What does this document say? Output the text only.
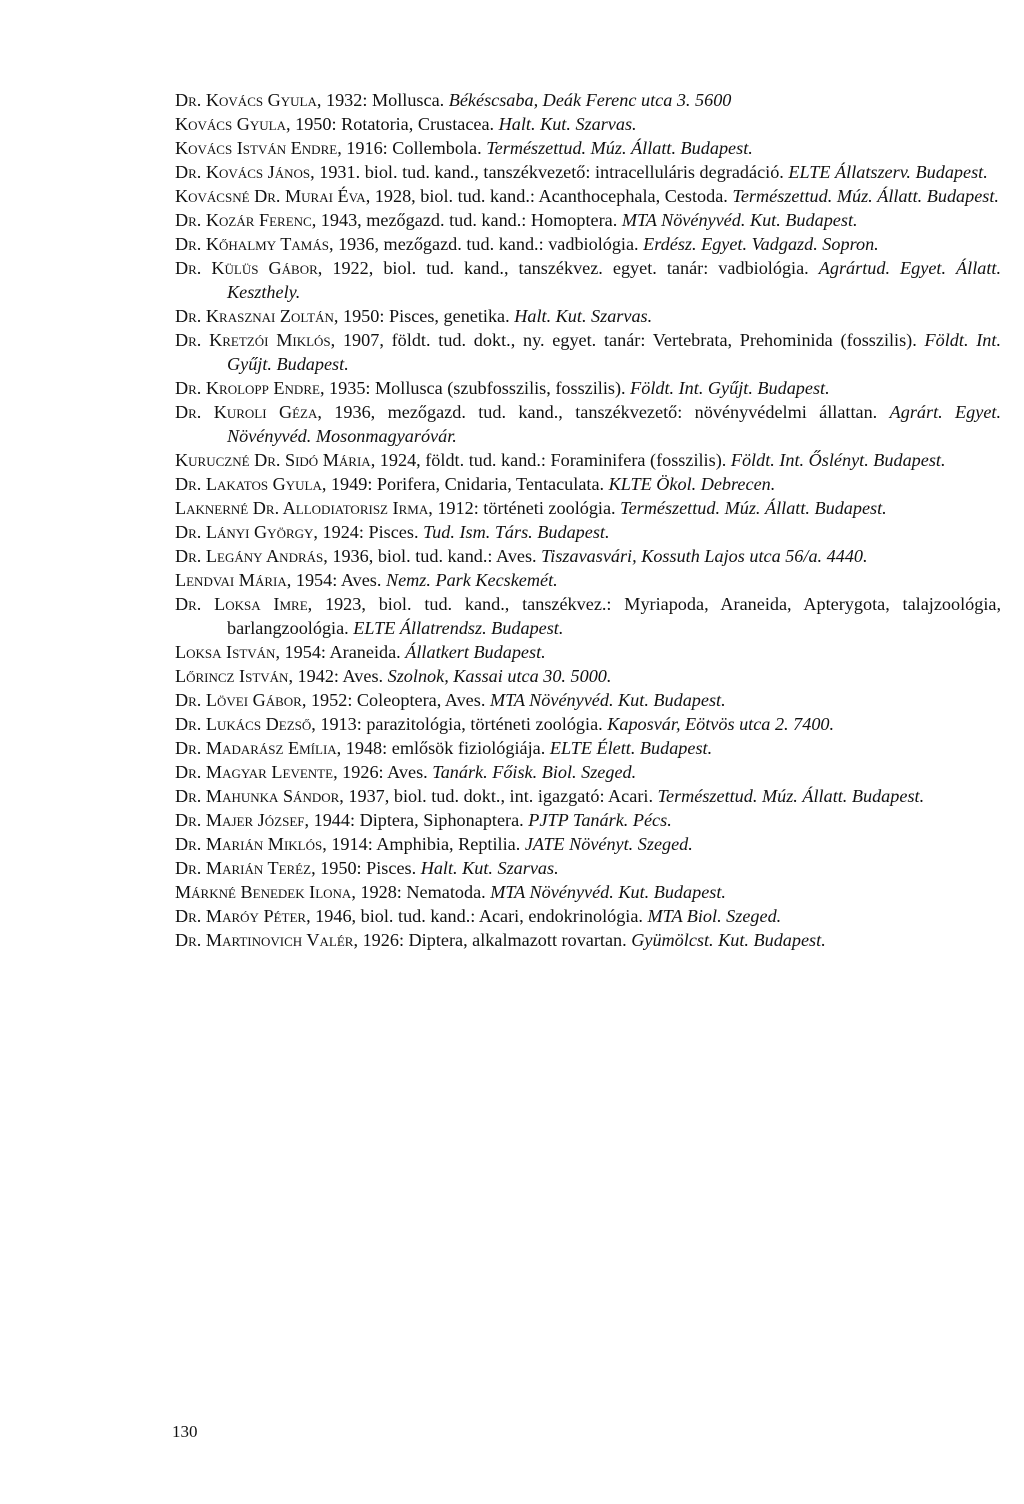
Dr. Kovács Gyula, 1932: Mollusca. Békéscsaba, Deák Ferenc utca 3. 5600

Kovács Gyula, 1950: Rotatoria, Crustacea. Halt. Kut. Szarvas.

Kovács István Endre, 1916: Collembola. Természettud. Múz. Állatt. Budapest.

Dr. Kovács János, 1931. biol. tud. kand., tanszékvezető: intracelluláris degradáció. ELTE Állatszerv. Budapest.

Kovácsné Dr. Murai Éva, 1928, biol. tud. kand.: Acanthocephala, Cestoda. Természettud. Múz. Állatt. Budapest.

Dr. Kozár Ferenc, 1943, mezőgazd. tud. kand.: Homoptera. MTA Növényvéd. Kut. Budapest.

Dr. Kőhalmy Tamás, 1936, mezőgazd. tud. kand.: vadbiológia. Erdész. Egyet. Vadgazd. Sopron.

Dr. Külüs Gábor, 1922, biol. tud. kand., tanszékvez. egyet. tanár: vadbiológia. Agrártud. Egyet. Állatt. Keszthely.

Dr. Krasznai Zoltán, 1950: Pisces, genetika. Halt. Kut. Szarvas.

Dr. Kretzói Miklós, 1907, földt. tud. dokt., ny. egyet. tanár: Vertebrata, Prehominida (fosszilis). Földt. Int. Gyűjt. Budapest.

Dr. Krolopp Endre, 1935: Mollusca (szubfosszilis, fosszilis). Földt. Int. Gyűjt. Budapest.

Dr. Kuroli Géza, 1936, mezőgazd. tud. kand., tanszékvezető: növényvédelmi állattan. Agrárt. Egyet. Növényvéd. Mosonmagyaróvár.

Kuruczné Dr. Sidó Mária, 1924, földt. tud. kand.: Foraminifera (fosszilis). Földt. Int. Őslényt. Budapest.

Dr. Lakatos Gyula, 1949: Porifera, Cnidaria, Tentaculata. KLTE Ökol. Debrecen.

Laknerné Dr. Allodiatorisz Irma, 1912: történeti zoológia. Természettud. Múz. Állatt. Budapest.

Dr. Lányi György, 1924: Pisces. Tud. Ism. Társ. Budapest.

Dr. Legány András, 1936, biol. tud. kand.: Aves. Tiszavasvári, Kossuth Lajos utca 56/a. 4440.

Lendvai Mária, 1954: Aves. Nemz. Park Kecskemét.

Dr. Loksa Imre, 1923, biol. tud. kand., tanszékvez.: Myriapoda, Araneida, Apterygota, talajzoológia, barlangzoológia. ELTE Állatrendsz. Budapest.

Loksa István, 1954: Araneida. Állatkert Budapest.

Lőrincz István, 1942: Aves. Szolnok, Kassai utca 30. 5000.

Dr. Lövei Gábor, 1952: Coleoptera, Aves. MTA Növényvéd. Kut. Budapest.

Dr. Lukács Dezső, 1913: parazitológia, történeti zoológia. Kaposvár, Eötvös utca 2. 7400.

Dr. Madarász Emília, 1948: emlősök fiziológiája. ELTE Élett. Budapest.

Dr. Magyar Levente, 1926: Aves. Tanárk. Főisk. Biol. Szeged.

Dr. Mahunka Sándor, 1937, biol. tud. dokt., int. igazgató: Acari. Természettud. Múz. Állatt. Budapest.

Dr. Majer József, 1944: Diptera, Siphonaptera. PJTP Tanárk. Pécs.

Dr. Marián Miklós, 1914: Amphibia, Reptilia. JATE Növényt. Szeged.

Dr. Marián Teréz, 1950: Pisces. Halt. Kut. Szarvas.

Márkné Benedek Ilona, 1928: Nematoda. MTA Növényvéd. Kut. Budapest.

Dr. Maróy Péter, 1946, biol. tud. kand.: Acari, endokrinológia. MTA Biol. Szeged.

Dr. Martinovich Valér, 1926: Diptera, alkalmazott rovartan. Gyümölcst. Kut. Budapest.

130
